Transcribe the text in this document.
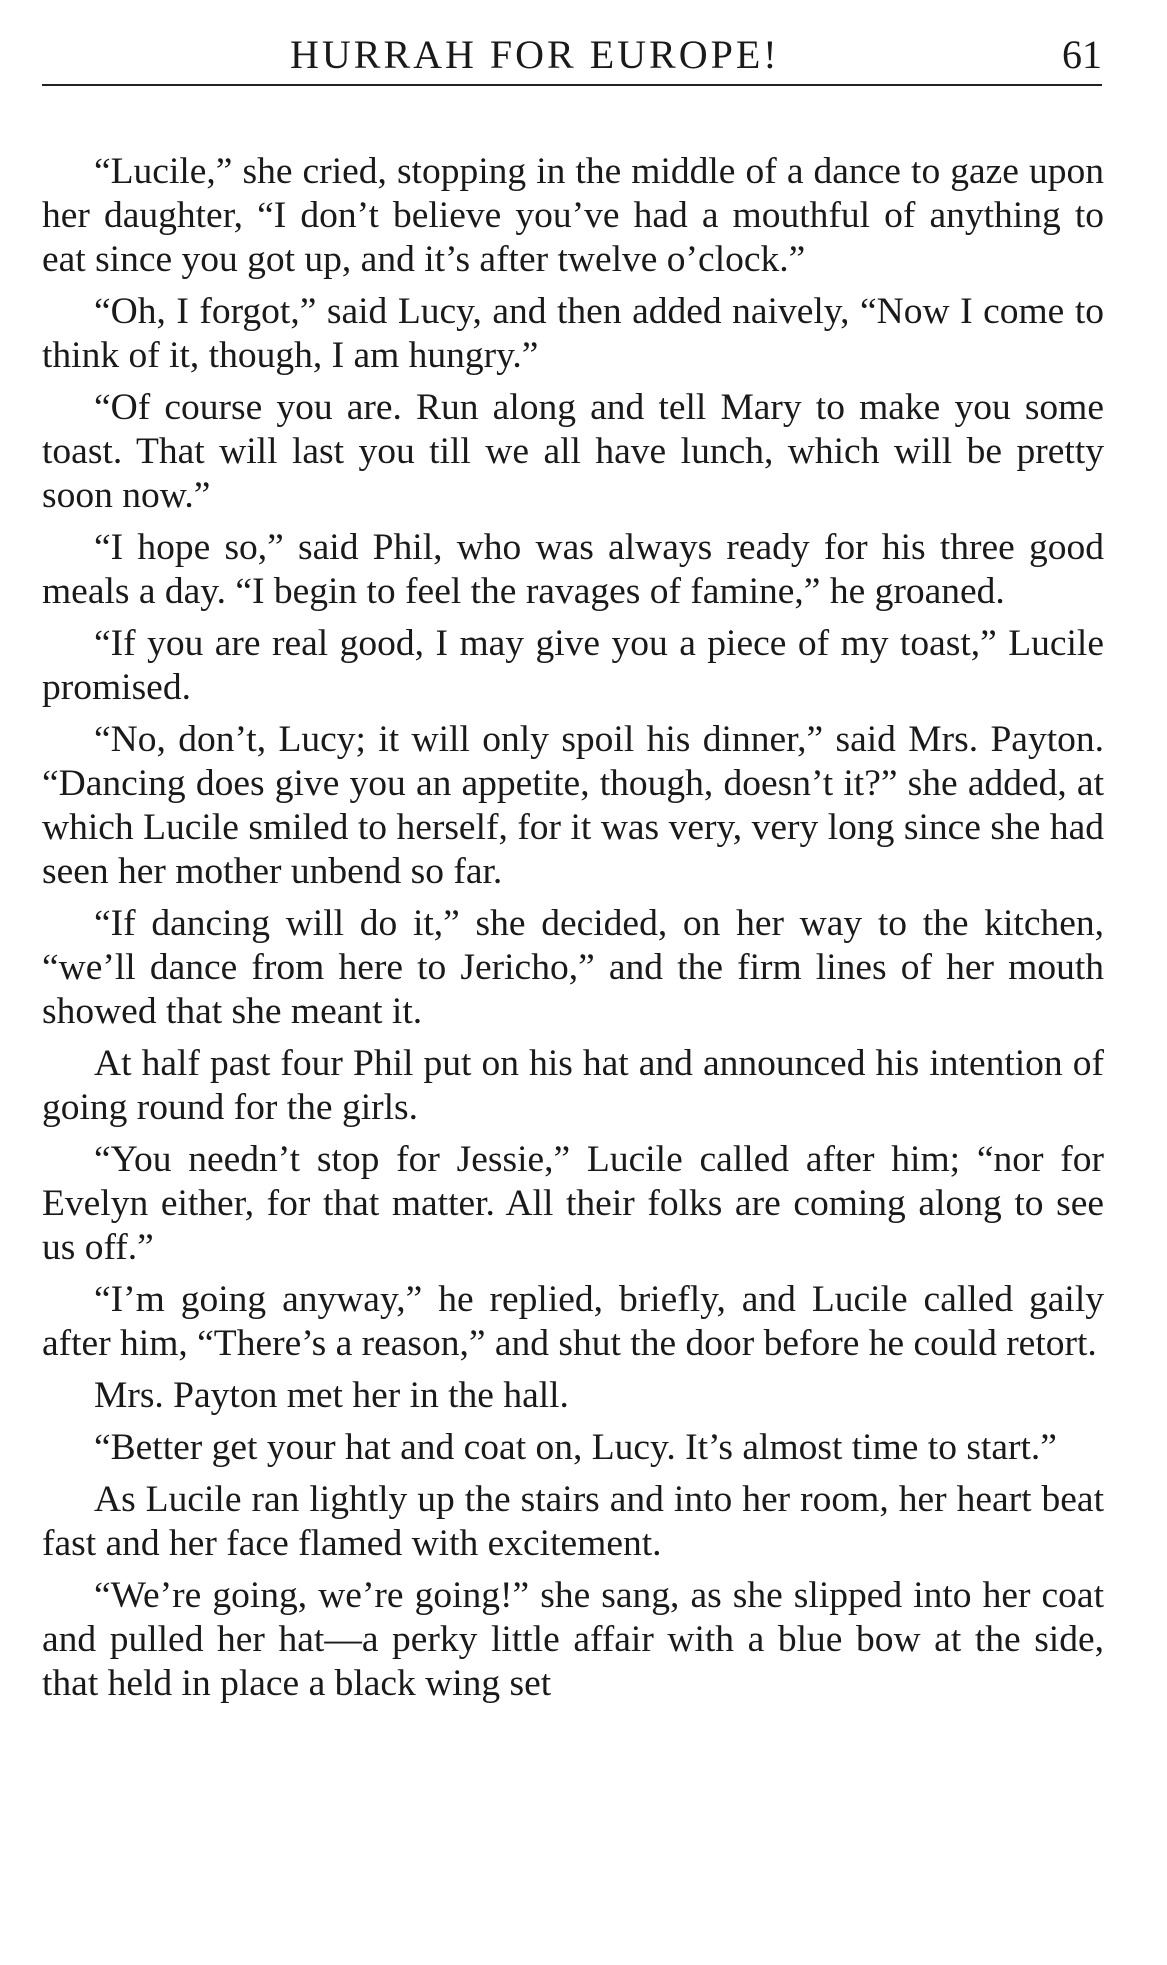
HURRAH FOR EUROPE!	61

“Lucile,” she cried, stopping in the middle of a dance to gaze upon her daughter, “I don’t believe you’ve had a mouthful of anything to eat since you got up, and it’s after twelve o’clock.”

“Oh, I forgot,” said Lucy, and then added naively, “Now I come to think of it, though, I am hungry.”

“Of course you are. Run along and tell Mary to make you some toast. That will last you till we all have lunch, which will be pretty soon now.”

“I hope so,” said Phil, who was always ready for his three good meals a day. “I begin to feel the ravages of famine,” he groaned.

“If you are real good, I may give you a piece of my toast,” Lucile promised.

“No, don’t, Lucy; it will only spoil his dinner,” said Mrs. Payton. “Dancing does give you an appetite, though, doesn’t it?” she added, at which Lucile smiled to herself, for it was very, very long since she had seen her mother unbend so far.

“If dancing will do it,” she decided, on her way to the kitchen, “we’ll dance from here to Jericho,” and the firm lines of her mouth showed that she meant it.

At half past four Phil put on his hat and announced his intention of going round for the girls.

“You needn’t stop for Jessie,” Lucile called after him; “nor for Evelyn either, for that matter. All their folks are coming along to see us off.”

“I’m going anyway,” he replied, briefly, and Lucile called gaily after him, “There’s a reason,” and shut the door before he could retort.

Mrs. Payton met her in the hall.

“Better get your hat and coat on, Lucy. It’s almost time to start.”

As Lucile ran lightly up the stairs and into her room, her heart beat fast and her face flamed with excitement.

“We’re going, we’re going!” she sang, as she slipped into her coat and pulled her hat—a perky little affair with a blue bow at the side, that held in place a black wing set
